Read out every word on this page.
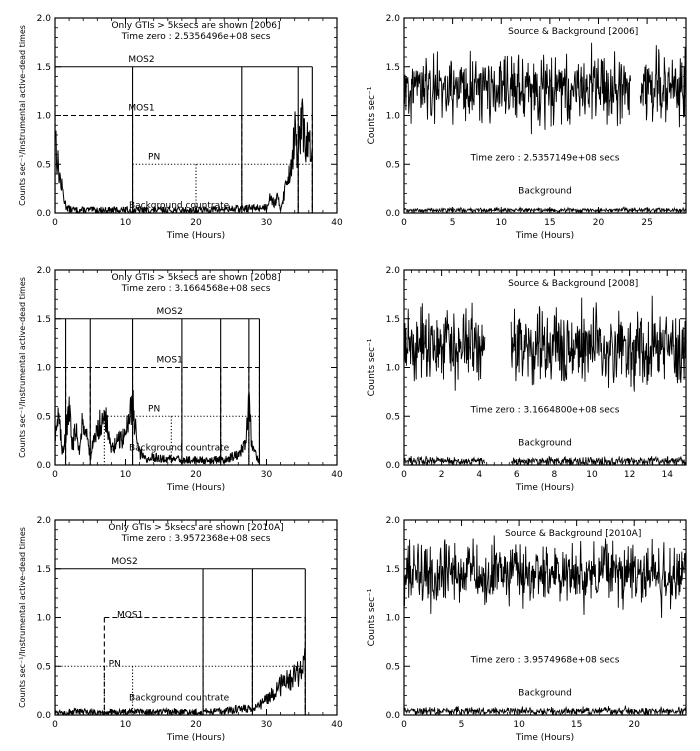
0	10	20	30	40
0.0
0.5
1.0
1.5
2.0
Time (Hours)
Counts sec⁻¹/Instrumental active–dead times	Only GTIs > 5ksecs are shown [2006]
Time zero : 2.5356496e+08 secs
MOS2
MOS1
PN
Background countrate
0	5	10	15	20	25
0.0
0.5
1.0
1.5
2.0
Time (Hours)
Counts sec⁻¹
Source & Background [2006]
Time zero : 2.5357149e+08 secs
Background
0	10	20	30	40
0.0
0.5
1.0
1.5
2.0
Time (Hours)
Counts sec⁻¹/Instrumental active–dead times	Only GTIs > 5ksecs are shown [2008]
Time zero : 3.1664568e+08 secs
MOS2
MOS1
PN
Background countrate
0	2	4	6	8	10	12	14
0.0
0.5
1.0
1.5
2.0
Time (Hours)
Counts sec⁻¹
Source & Background [2008]
Time zero : 3.1664800e+08 secs
Background
0	10	20	30	40
0.0
0.5
1.0
1.5
2.0
Time (Hours)
Counts sec⁻¹/Instrumental active–dead times	Only GTIs > 5ksecs are shown [2010A]
Time zero : 3.9572368e+08 secs
MOS2
MOS1
PN
Background countrate
0	5	10	15	20
0.0
0.5
1.0
1.5
2.0
Time (Hours)
Counts sec⁻¹
Source & Background [2010A]
Time zero : 3.9574968e+08 secs
Background
